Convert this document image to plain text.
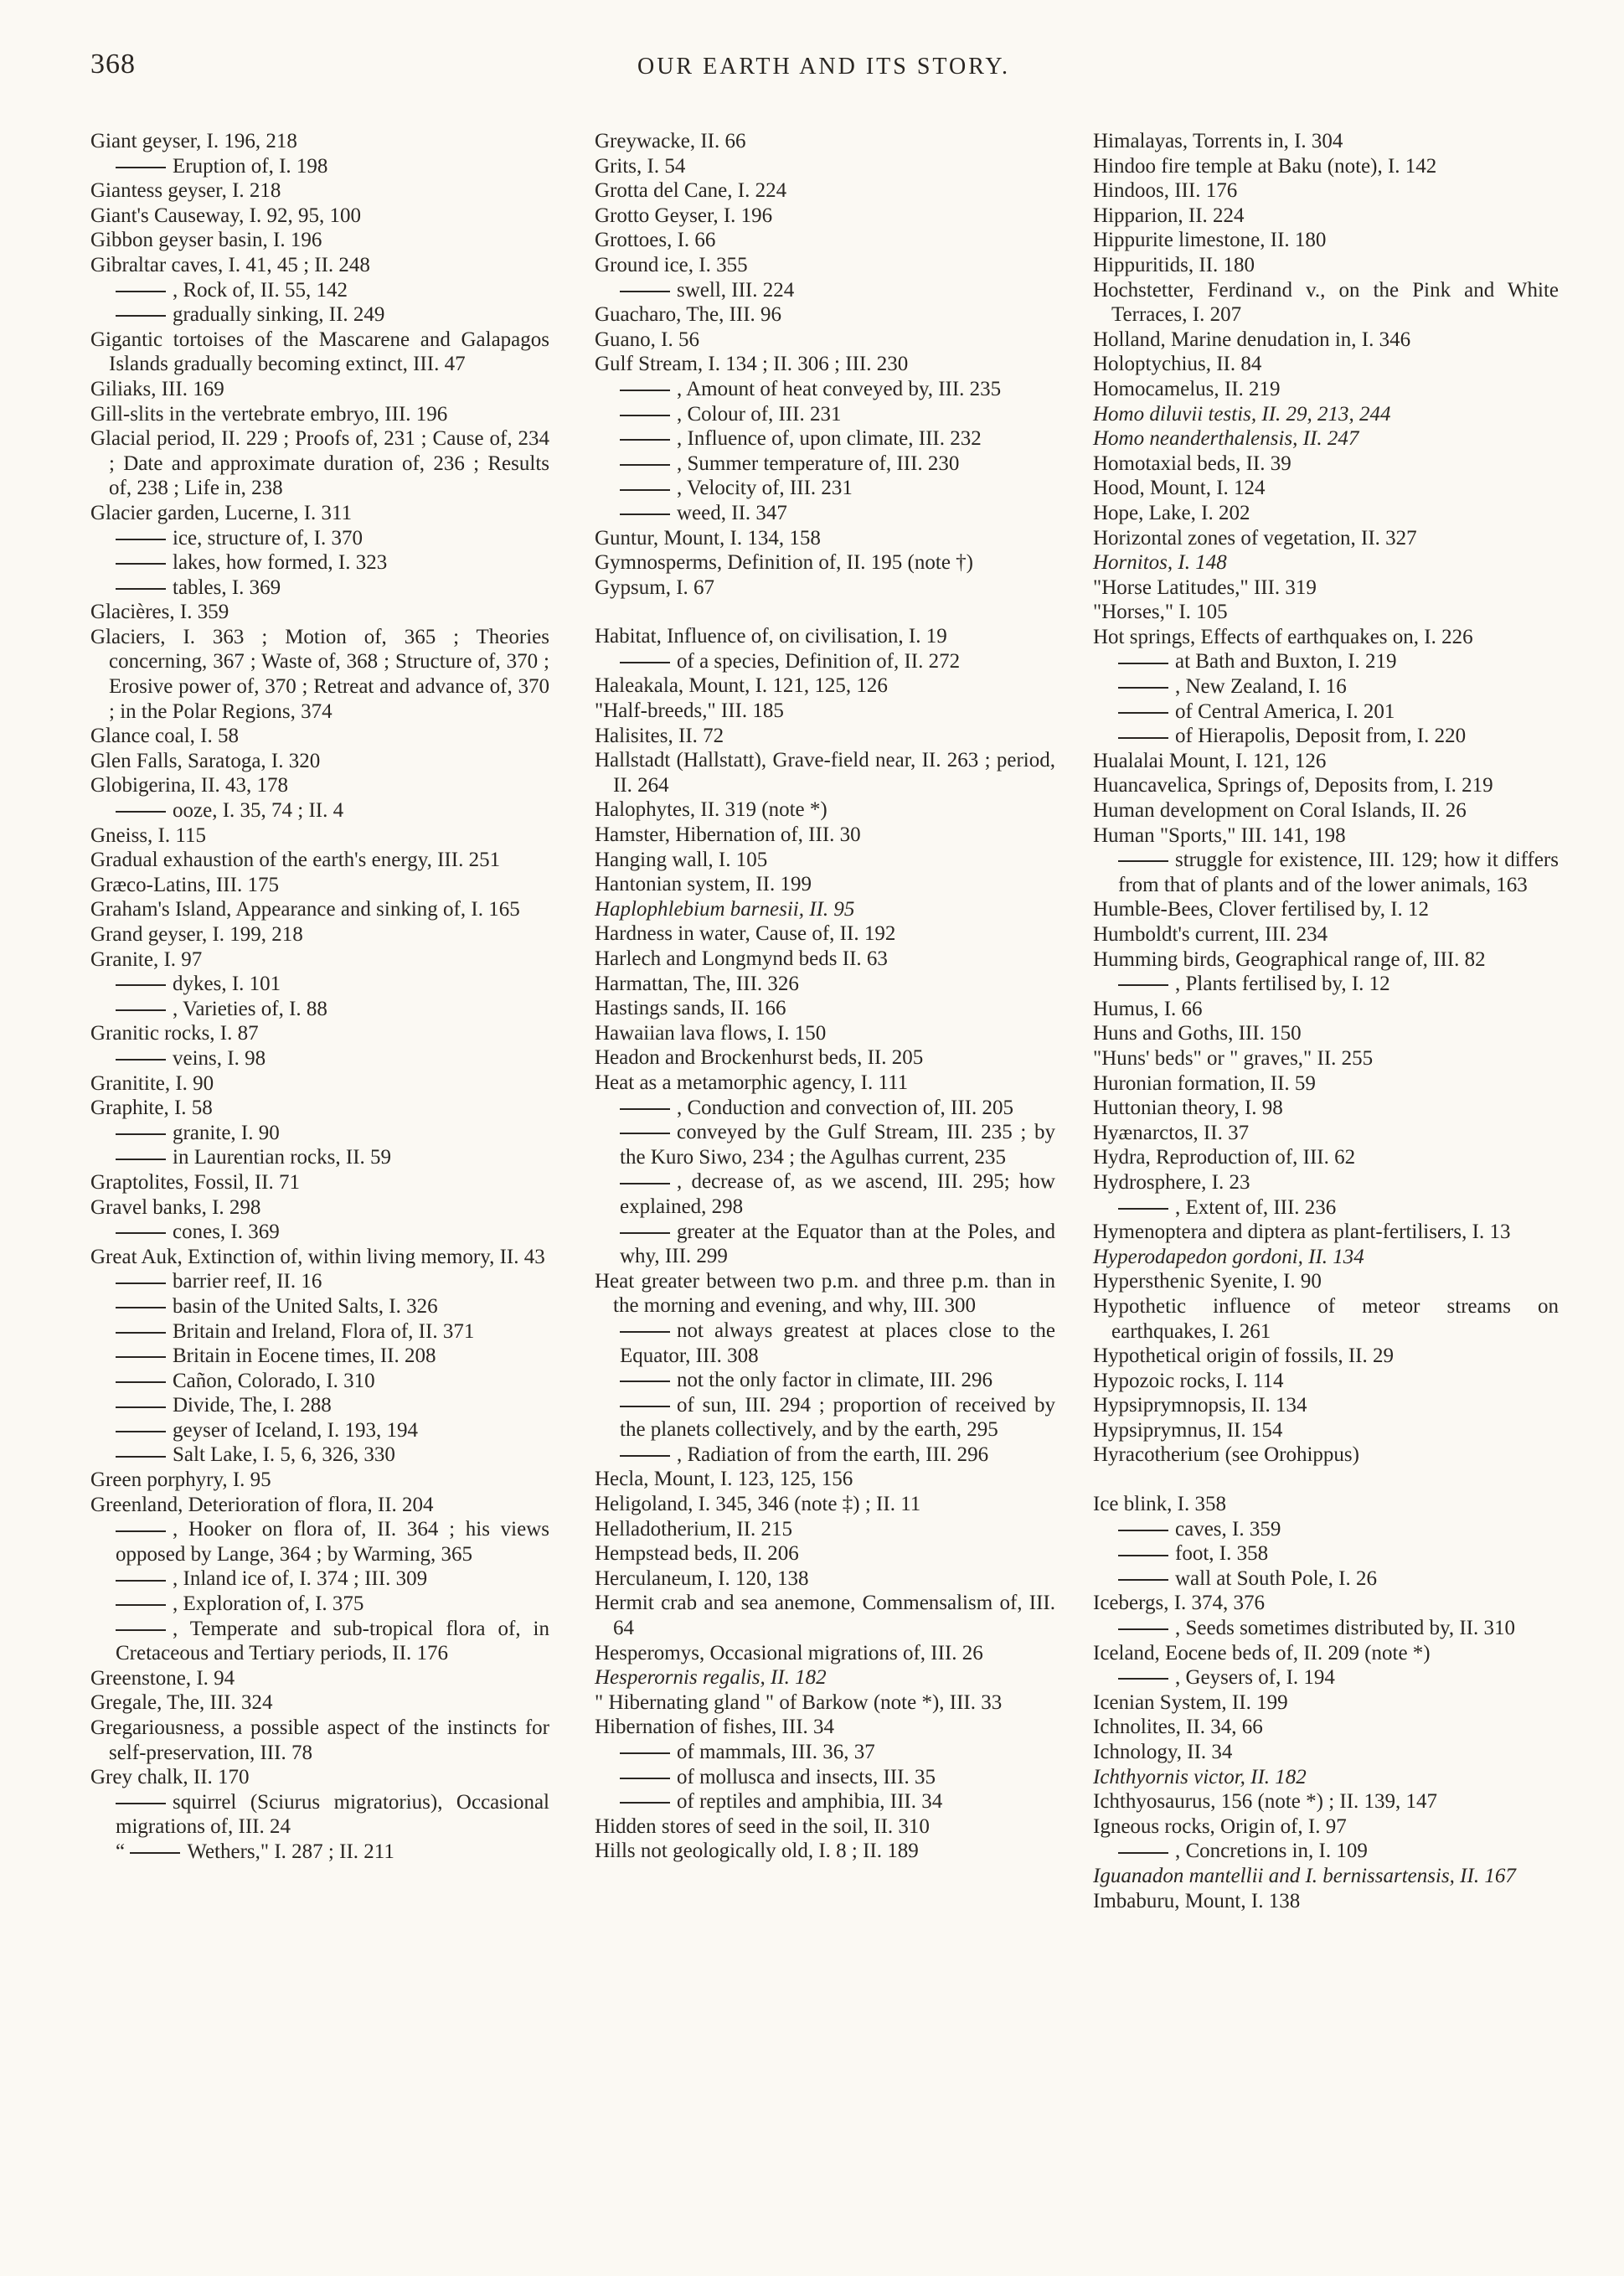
368	OUR EARTH AND ITS STORY.
Giant geyser, I. 196, 218
Eruption of, I. 198
Giantess geyser, I. 218
Giant's Causeway, I. 92, 95, 100
Gibbon geyser basin, I. 196
Gibraltar caves, I. 41, 45 ; II. 248
, Rock of, II. 55, 142
gradually sinking, II. 249
Gigantic tortoises of the Mascarene and Galapagos Islands gradually becoming extinct, III. 47
Giliaks, III. 169
Gill-slits in the vertebrate embryo, III. 196
Glacial period, II. 229 ; Proofs of, 231 ; Cause of, 234 ; Date and approximate duration of, 236 ; Results of, 238 ; Life in, 238
Glacier garden, Lucerne, I. 311
ice, structure of, I. 370
lakes, how formed, I. 323
tables, I. 369
Glacières, I. 359
Glaciers, I. 363 ; Motion of, 365 ; Theories concerning, 367 ; Waste of, 368 ; Structure of, 370 ; Erosive power of, 370 ; Retreat and advance of, 370 ; in the Polar Regions, 374
Glance coal, I. 58
Glen Falls, Saratoga, I. 320
Globigerina, II. 43, 178
ooze, I. 35, 74 ; II. 4
Gneiss, I. 115
Gradual exhaustion of the earth's energy, III. 251
Græco-Latins, III. 175
Graham's Island, Appearance and sinking of, I. 165
Grand geyser, I. 199, 218
Granite, I. 97
dykes, I. 101
, Varieties of, I. 88
Granitic rocks, I. 87
veins, I. 98
Granitite, I. 90
Graphite, I. 58
granite, I. 90
in Laurentian rocks, II. 59
Graptolites, Fossil, II. 71
Gravel banks, I. 298
cones, I. 369
Great Auk, Extinction of, within living memory, II. 43
barrier reef, II. 16
basin of the United Salts, I. 326
Britain and Ireland, Flora of, II. 371
Britain in Eocene times, II. 208
Cañon, Colorado, I. 310
Divide, The, I. 288
geyser of Iceland, I. 193, 194
Salt Lake, I. 5, 6, 326, 330
Green porphyry, I. 95
Greenland, Deterioration of flora, II. 204
, Hooker on flora of, II. 364 ; his views opposed by Lange, 364 ; by Warming, 365
, Inland ice of, I. 374 ; III. 309
, Exploration of, I. 375
, Temperate and sub-tropical flora of, in Cretaceous and Tertiary periods, II. 176
Greenstone, I. 94
Gregale, The, III. 324
Gregariousness, a possible aspect of the instincts for self-preservation, III. 78
Grey chalk, II. 170
squirrel (Sciurus migratorius), Occasional migrations of, III. 24
“	Wethers," I. 287 ; II. 211
Greywacke, II. 66
Grits, I. 54
Grotta del Cane, I. 224
Grotto Geyser, I. 196
Grottoes, I. 66
Ground ice, I. 355
swell, III. 224
Guacharo, The, III. 96
Guano, I. 56
Gulf Stream, I. 134 ; II. 306 ; III. 230
, Amount of heat conveyed by, III. 235
, Colour of, III. 231
, Influence of, upon climate, III. 232
, Summer temperature of, III. 230
, Velocity of, III. 231
weed, II. 347
Guntur, Mount, I. 134, 158
Gymnosperms, Definition of, II. 195 (note †)
Gypsum, I. 67
Habitat, Influence of, on civilisation, I. 19
of a species, Definition of, II. 272
Haleakala, Mount, I. 121, 125, 126
"Half-breeds," III. 185
Halisites, II. 72
Hallstadt (Hallstatt), Grave-field near, II. 263 ; period, II. 264
Halophytes, II. 319 (note *)
Hamster, Hibernation of, III. 30
Hanging wall, I. 105
Hantonian system, II. 199
Haplophlebium barnesii, II. 95
Hardness in water, Cause of, II. 192
Harlech and Longmynd beds II. 63
Harmattan, The, III. 326
Hastings sands, II. 166
Hawaiian lava flows, I. 150
Headon and Brockenhurst beds, II. 205
Heat as a metamorphic agency, I. 111
, Conduction and convection of, III. 205
conveyed by the Gulf Stream, III. 235 ; by the Kuro Siwo, 234 ; the Agulhas current, 235
, decrease of, as we ascend, III. 295; how explained, 298
greater at the Equator than at the Poles, and why, III. 299
Heat greater between two p.m. and three p.m. than in the morning and evening, and why, III. 300
not always greatest at places close to the Equator, III. 308
not the only factor in climate, III. 296
of sun, III. 294 ; proportion of received by the planets collectively, and by the earth, 295
, Radiation of from the earth, III. 296
Hecla, Mount, I. 123, 125, 156
Heligoland, I. 345, 346 (note ‡) ; II. 11
Helladotherium, II. 215
Hempstead beds, II. 206
Herculaneum, I. 120, 138
Hermit crab and sea anemone, Commensalism of, III. 64
Hesperomys, Occasional migrations of, III. 26
Hesperornis regalis, II. 182
" Hibernating gland " of Barkow (note *), III. 33
Hibernation of fishes, III. 34
of mammals, III. 36, 37
of mollusca and insects, III. 35
of reptiles and amphibia, III. 34
Hidden stores of seed in the soil, II. 310
Hills not geologically old, I. 8 ; II. 189
Himalayas, Torrents in, I. 304
Hindoo fire temple at Baku (note), I. 142
Hindoos, III. 176
Hipparion, II. 224
Hippurite limestone, II. 180
Hippuritids, II. 180
Hochstetter, Ferdinand v., on the Pink and White Terraces, I. 207
Holland, Marine denudation in, I. 346
Holoptychius, II. 84
Homocamelus, II. 219
Homo diluvii testis, II. 29, 213, 244
Homo neanderthalensis, II. 247
Homotaxial beds, II. 39
Hood, Mount, I. 124
Hope, Lake, I. 202
Horizontal zones of vegetation, II. 327
Hornitos, I. 148
"Horse Latitudes," III. 319
"Horses," I. 105
Hot springs, Effects of earthquakes on, I. 226
at Bath and Buxton, I. 219
, New Zealand, I. 16
of Central America, I. 201
of Hierapolis, Deposit from, I. 220
Hualalai Mount, I. 121, 126
Huancavelica, Springs of, Deposits from, I. 219
Human development on Coral Islands, II. 26
Human "Sports," III. 141, 198
struggle for existence, III. 129; how it differs from that of plants and of the lower animals, 163
Humble-Bees, Clover fertilised by, I. 12
Humboldt's current, III. 234
Humming birds, Geographical range of, III. 82
, Plants fertilised by, I. 12
Humus, I. 66
Huns and Goths, III. 150
"Huns' beds" or " graves," II. 255
Huronian formation, II. 59
Huttonian theory, I. 98
Hyænarctos, II. 37
Hydra, Reproduction of, III. 62
Hydrosphere, I. 23
, Extent of, III. 236
Hymenoptera and diptera as plant-fertilisers, I. 13
Hyperodapedon gordoni, II. 134
Hypersthenic Syenite, I. 90
Hypothetic influence of meteor streams on earthquakes, I. 261
Hypothetical origin of fossils, II. 29
Hypozoic rocks, I. 114
Hypsiprymnopsis, II. 134
Hypsiprymnus, II. 154
Hyracotherium (see Orohippus)
Ice blink, I. 358
caves, I. 359
foot, I. 358
wall at South Pole, I. 26
Icebergs, I. 374, 376
, Seeds sometimes distributed by, II. 310
Iceland, Eocene beds of, II. 209 (note *)
, Geysers of, I. 194
Icenian System, II. 199
Ichnolites, II. 34, 66
Ichnology, II. 34
Ichthyornis victor, II. 182
Ichthyosaurus, 156 (note *) ; II. 139, 147
Igneous rocks, Origin of, I. 97
, Concretions in, I. 109
Iguanadon mantellii and I. bernissartensis, II. 167
Imbaburu, Mount, I. 138
